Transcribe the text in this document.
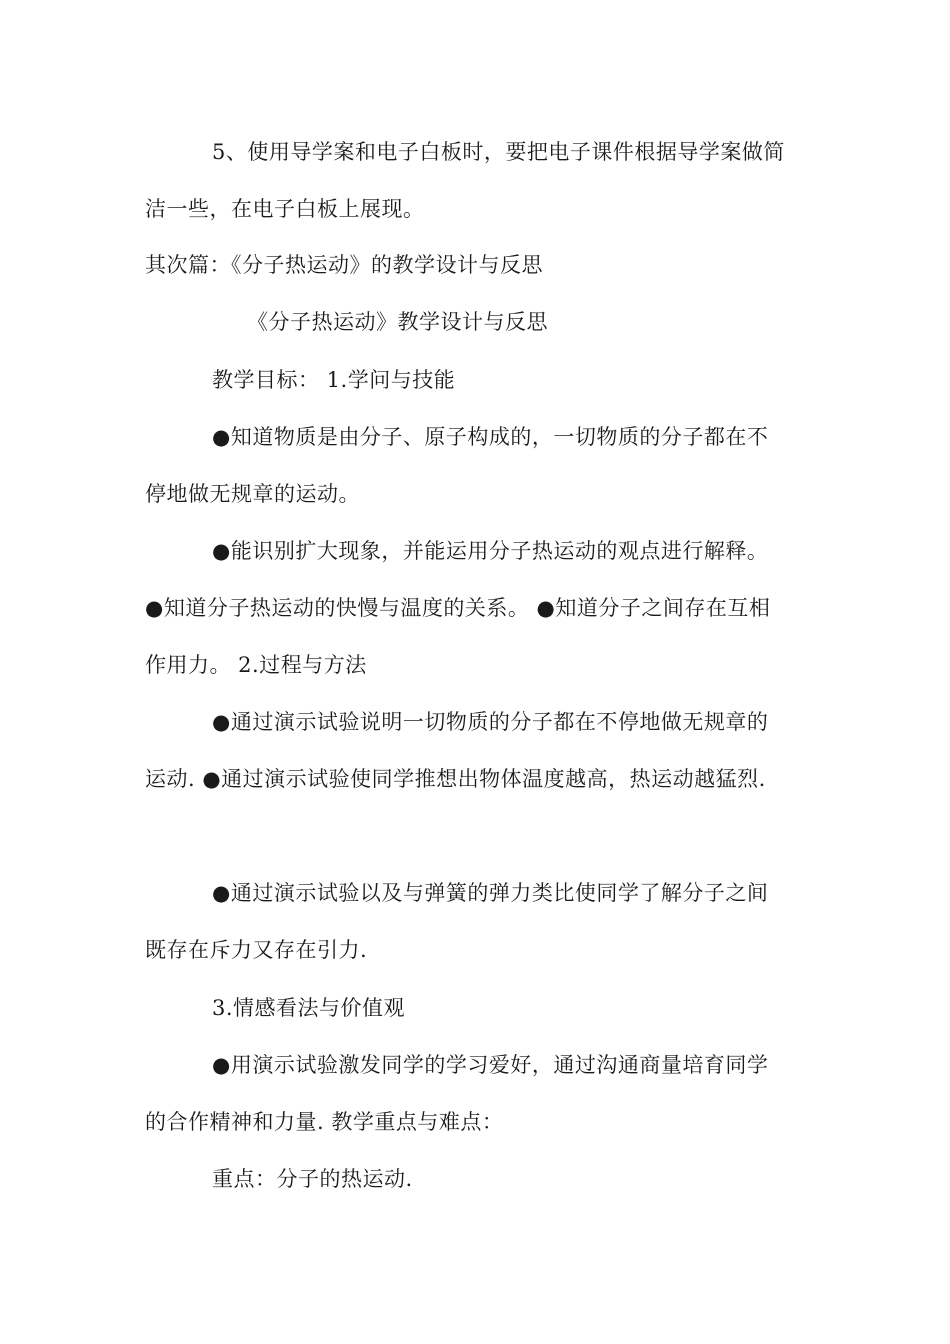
5、使用导学案和电子白板时，要把电子课件根据导学案做简
洁一些，在电子白板上展现。
其次篇：《分子热运动》的教学设计与反思
《分子热运动》教学设计与反思
教学目标： 1.学问与技能
●知道物质是由分子、原子构成的，一切物质的分子都在不
停地做无规章的运动。
●能识别扩大现象，并能运用分子热运动的观点进行解释。
●知道分子热运动的快慢与温度的关系。 ●知道分子之间存在互相
作用力。 2.过程与方法
●通过演示试验说明一切物质的分子都在不停地做无规章的
运动. ●通过演示试验使同学推想出物体温度越高，热运动越猛烈.
●通过演示试验以及与弹簧的弹力类比使同学了解分子之间
既存在斥力又存在引力.
3.情感看法与价值观
●用演示试验激发同学的学习爱好，通过沟通商量培育同学
的合作精神和力量. 教学重点与难点：
重点：分子的热运动.
